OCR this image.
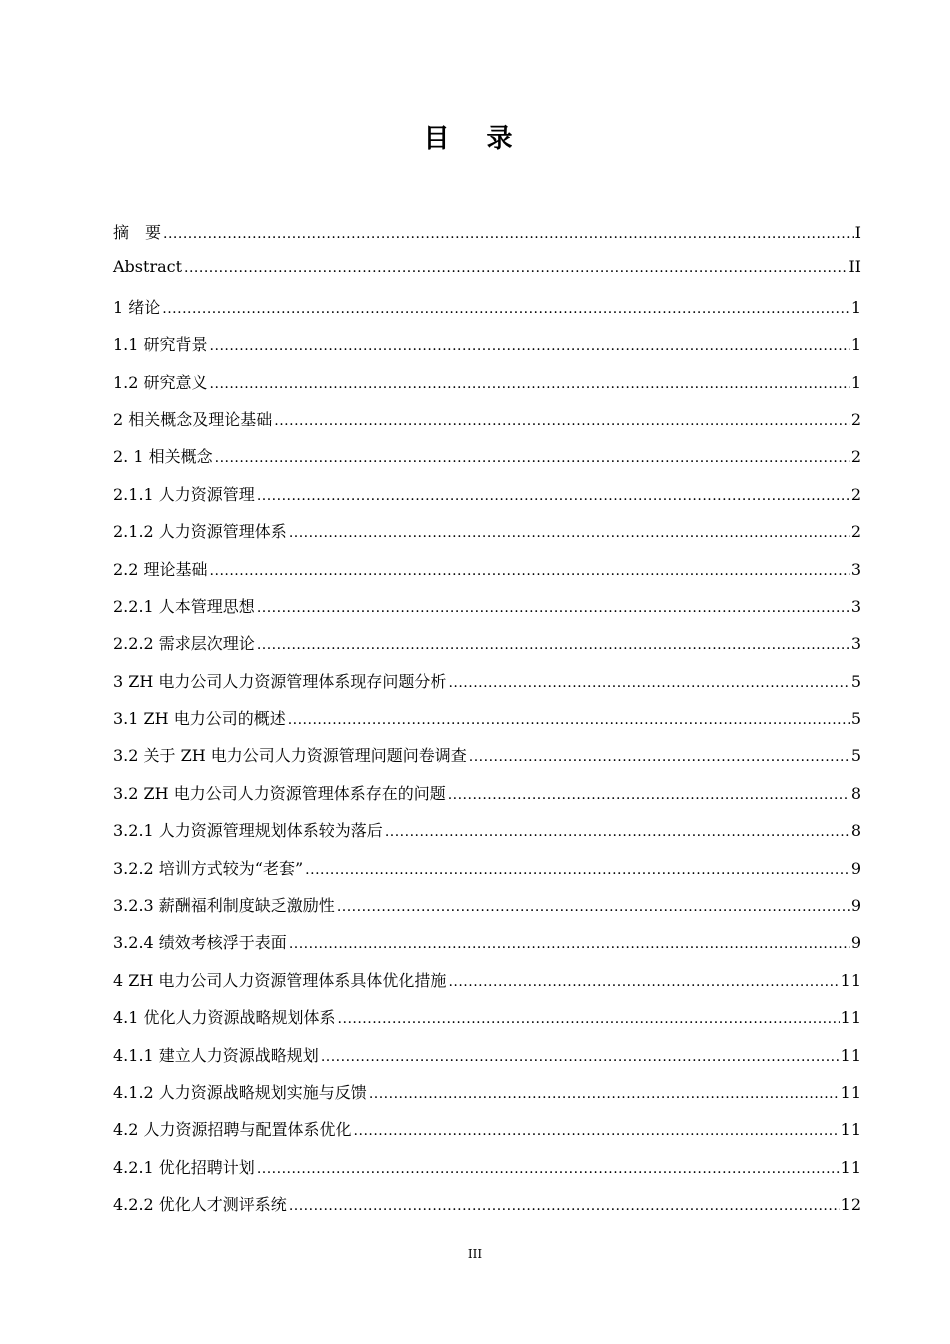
目 录
摘　要 .....	I
Abstract .....	II
1 绪论 .....	1
1.1 研究背景 .....	1
1.2 研究意义 .....	1
2 相关概念及理论基础 .....	2
2. 1 相关概念 .....	2
2.1.1 人力资源管理 .....	2
2.1.2 人力资源管理体系 .....	2
2.2 理论基础 .....	3
2.2.1 人本管理思想 .....	3
2.2.2 需求层次理论 .....	3
3 ZH 电力公司人力资源管理体系现存问题分析 .....	5
3.1 ZH 电力公司的概述 .....	5
3.2 关于 ZH 电力公司人力资源管理问题问卷调查 .....	5
3.2 ZH 电力公司人力资源管理体系存在的问题 .....	8
3.2.1 人力资源管理规划体系较为落后 .....	8
3.2.2 培训方式较为“老套” .....	9
3.2.3 薪酬福利制度缺乏激励性 .....	9
3.2.4 绩效考核浮于表面 .....	9
4 ZH 电力公司人力资源管理体系具体优化措施 .....	11
4.1 优化人力资源战略规划体系 .....	11
4.1.1 建立人力资源战略规划 .....	11
4.1.2 人力资源战略规划实施与反馈 .....	11
4.2 人力资源招聘与配置体系优化 .....	11
4.2.1 优化招聘计划 .....	11
4.2.2 优化人才测评系统 .....	12
III
